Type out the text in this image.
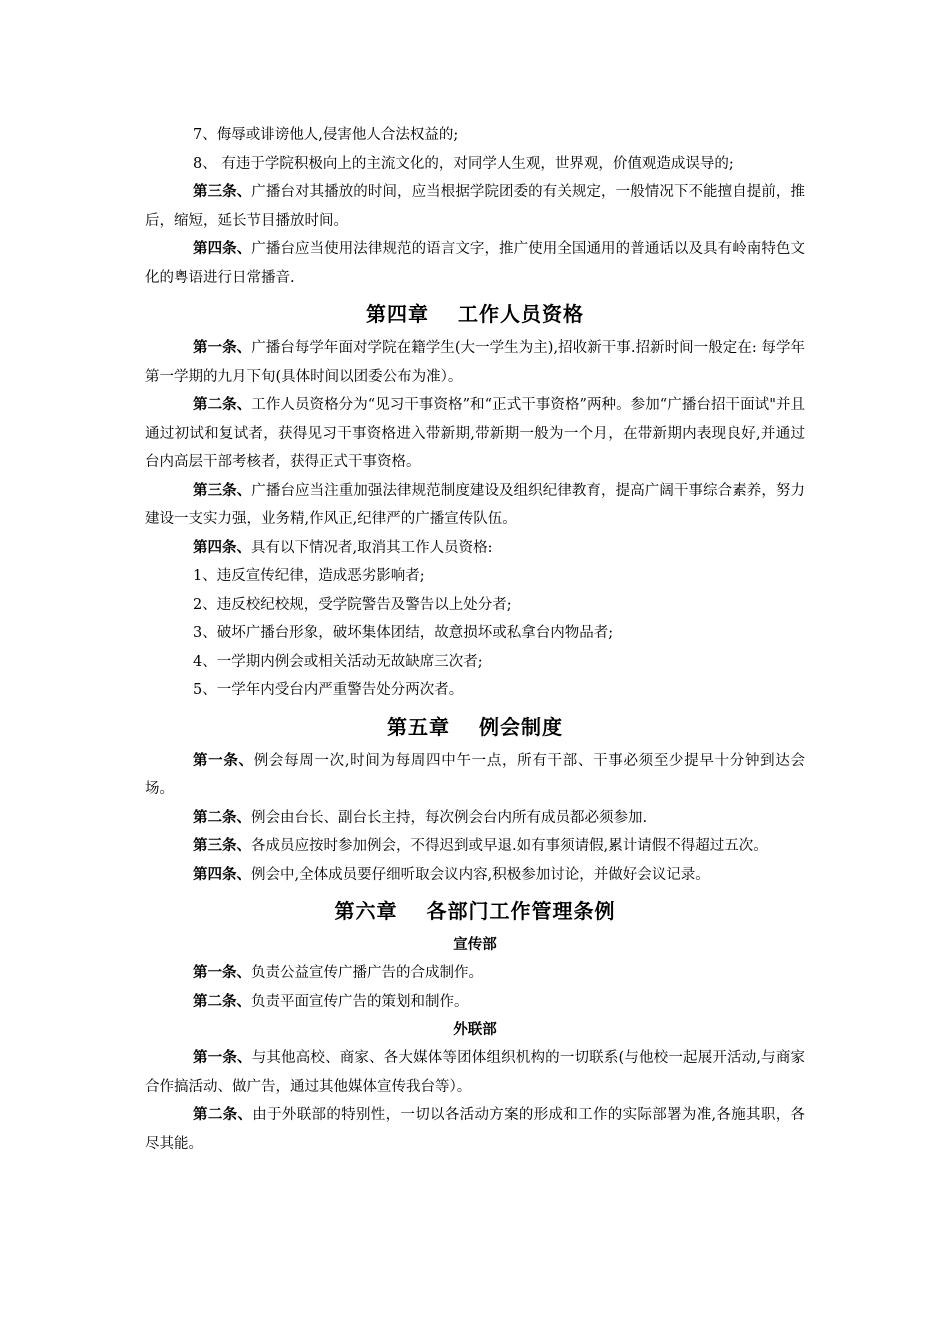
7、侮辱或诽谤他人,侵害他人合法权益的;

8、 有违于学院积极向上的主流文化的，对同学人生观，世界观，价值观造成误导的;

第三条、广播台对其播放的时间，应当根据学院团委的有关规定，一般情况下不能擅自提前，推后，缩短，延长节目播放时间。

第四条、广播台应当使用法律规范的语言文字，推广使用全国通用的普通话以及具有岭南特色文化的粤语进行日常播音.

第四章　 工作人员资格

第一条、广播台每学年面对学院在籍学生(大一学生为主),招收新干事.招新时间一般定在: 每学年第一学期的九月下旬(具体时间以团委公布为准）。

第二条、工作人员资格分为“见习干事资格”和“正式干事资格”两种。参加“广播台招干面试"并且通过初试和复试者，获得见习干事资格进入带新期,带新期一般为一个月，在带新期内表现良好,并通过台内高层干部考核者，获得正式干事资格。

第三条、广播台应当注重加强法律规范制度建设及组织纪律教育，提高广阔干事综合素养，努力建设一支实力强，业务精,作风正,纪律严的广播宣传队伍。

第四条、具有以下情况者,取消其工作人员资格:

1、违反宣传纪律，造成恶劣影响者;

2、违反校纪校规，受学院警告及警告以上处分者;

3、破坏广播台形象，破坏集体团结，故意损坏或私拿台内物品者;

4、一学期内例会或相关活动无故缺席三次者;

5、一学年内受台内严重警告处分两次者。

第五章　 例会制度

第一条、例会每周一次,时间为每周四中午一点，所有干部、干事必须至少提早十分钟到达会场。

第二条、例会由台长、副台长主持，每次例会台内所有成员都必须参加.

第三条、各成员应按时参加例会，不得迟到或早退.如有事须请假,累计请假不得超过五次。

第四条、例会中,全体成员要仔细听取会议内容,积极参加讨论，并做好会议记录。

第六章　 各部门工作管理条例
宣传部

第一条、负责公益宣传广播广告的合成制作。

第二条、负责平面宣传广告的策划和制作。

外联部

第一条、与其他高校、商家、各大媒体等团体组织机构的一切联系(与他校一起展开活动,与商家合作搞活动、做广告，通过其他媒体宣传我台等）。

第二条、由于外联部的特别性，一切以各活动方案的形成和工作的实际部署为准,各施其职，各尽其能。
